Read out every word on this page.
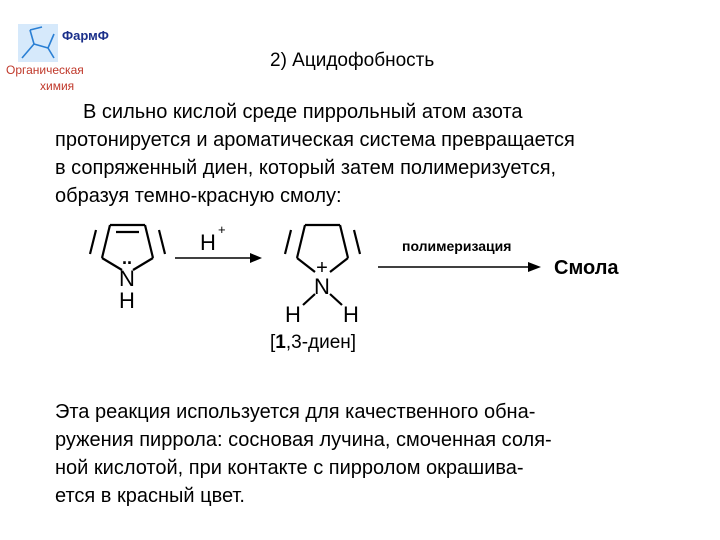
ФармФ
Органическая
химия
2) Ацидофобность
В сильно кислой среде пиррольный атом азота
протонируется и ароматическая система превращается
в сопряженный диен, который затем полимеризуется,
образуя темно-красную смолу:
..
N
H
H
+
+
N
H H
[1,3-диен]
полимеризация
Смола
Эта реакция используется для качественного обна-
ружения пиррола: сосновая лучина, смоченная соля-
ной кислотой, при контакте с пирролом окрашива-
ется в красный цвет.
